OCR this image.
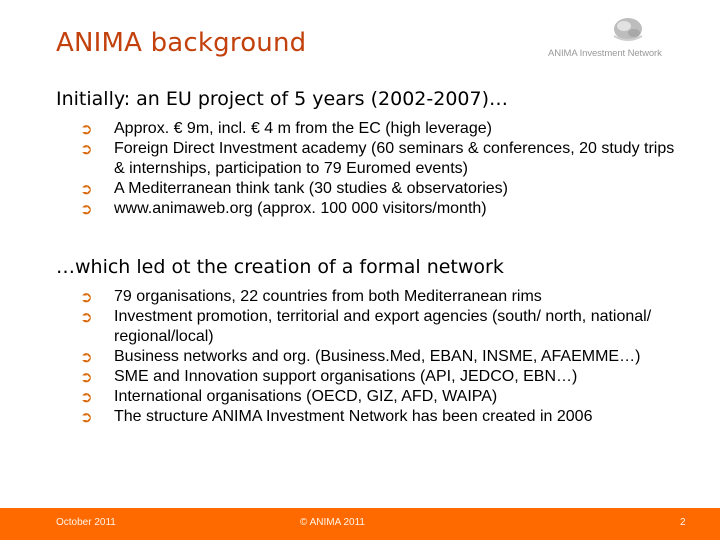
ANIMA background	ANIMA Investment Network
Initially: an EU project of 5 years (2002-2007)…
➲ Approx. € 9m, incl. € 4 m from the EC (high leverage)
➲ Foreign Direct Investment academy (60 seminars & conferences, 20 study trips & internships, participation to 79 Euromed events)
➲ A Mediterranean think tank (30 studies & observatories)
➲ www.animaweb.org (approx. 100 000 visitors/month)
…which led ot the creation of a formal network
➲ 79 organisations, 22 countries from both Mediterranean rims
➲ Investment promotion, territorial and export agencies (south/ north, national/ regional/local)
➲ Business networks and org. (Business.Med, EBAN, INSME, AFAEMME…)
➲ SME and Innovation support organisations (API, JEDCO, EBN…)
➲ International organisations (OECD, GIZ, AFD, WAIPA)
➲ The structure ANIMA Investment Network has been created in 2006
October 2011	© ANIMA 2011	2
